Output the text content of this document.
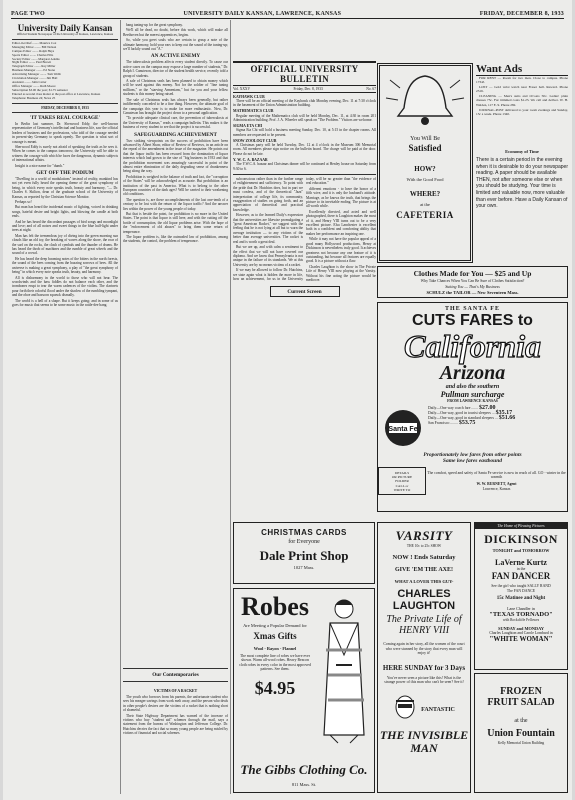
PAGE TWO	UNIVERSITY DAILY KANSAN, LAWRENCE, KANSAS	FRIDAY, DECEMBER 8, 1933
University Daily Kansan
Official Student Newspaper of the University of Kansas, Lawrence, Kansas
Editor-in-Chief ........ Maurice Cox
Managing Editor ........ Bill Nelson
Campus Editor ........ Ralph Hays
Sports Editor ........ Charles Ellis
Society Editor ........ Margaret Adams
Night Editor ........ Paul Brown
Telegraph Editor ........ Ray Miller
Business Manager ........ Ed Stone
Advertising Manager ........ Tom Webb
Circulation Manager ........ Jim Hall
Assistant ........ John Carter
Office Manager ........ Ruth Moore
Subscription $3.00 the year; $1.75 semester
Entered as second class matter at the post office at Lawrence, Kansas
Telephone: Business 24; News 25
FRIDAY, DECEMBER 8, 1933
'IT TAKES REAL COURAGE'

In Berlin last summer, Dr. Sherwood Eddy, the well-known representative of Germany's intellectual and business life, saw the official leaders of business and the professions, who told of the courage needed in present-day Germany to speak openly. The question is what sort of courage is meant.

Sherwood Eddy is surely not afraid of speaking the truth as he sees it. When he comes to the campus tomorrow, the University will be able to witness the courage with which he faces the dangerous, dynamic subjects of international affairs.

Insight is a nice name for "dumb."

GET OFF THE PODIUM

"Dwelling in a world of modulations" instead of reality, mankind has not yet even fully heard the opening theme of the great symphony of being, in which every note speaks truth, beauty and harmony, "— Dr. Charles S. Skilton, dean of the graduate school of the University of Kansas, as reported by the Christian Science Monitor.

Perhaps so!

But man has heard the incidental music of fighting, voiced in drinking songs, hateful desire and bright lights, and blowing the candle at both ends.

And he has heard the discordant passages of bird songs and moonlight and love; and of all noises and sweet things in the blue half-light under trees at night.

Man has felt the tremendous joy of diving into the green morning sun clouds like an old toy, the breaking of waves along the shore, the roar of the surf on the rocks, the clash of cymbals and the thunder of drums. He has heard the throb of machines and the rumble of great wheels and the sound of a crowd.

He has heard the deep booming notes of the bitters in the north forests, the sound of the bees coming from the buzzing sorrows of bees. All the universe is making a great symphony, a play of "the great symphony of being" in which every note speaks truth, beauty, and harmony.

All is disharmony in the world to those who will not hear. The woodwinds and the bass fiddles do not balance each other, and the trombones erupt to tear the warm cadences of the violins. The clarinets pour forth their colorful flood under the shadow of the rumbling tympani, and the oboe and bassoon squawk dismally.

The world is a hell of a shape. But it keeps going; and in some of us goes for music that seems to be some music in the rattle-dee bang.

bang tuning-up for the great symphony.

We'll all be dead, no doubt, before this work, which will make all Beethoven but the merest apprentices, begins.

So, while you greet souls who are certain to grasp a note of the ultimate harmony, hold your ears to keep out the sound of the tuning-up; we'll luckily sound out "A."

AN ACTIVE ENEMY

The tuberculosis problem affects every student directly. To cause our active cases on the campus may expose a large number of students," Dr. Ralph I. Canuteson, director of the student health service, recently told a group of students.

A sale of Christmas seals has been planned to obtain money which will be used against this enemy. Not for the soldier of "fine tuning millions," or the "starving Armenians," but for you and your fellow students is this money being raised.

The sale of Christmas seals has always been generally, but rather indifferently conceded to be a fine thing. However, the ultimate goal of the campaign this year is to make far more enthusiastic. Now, Dr. Canuteson has brought the project down to a personal application.

"To provide adequate clinical care, the prevention of tuberculosis at the University of Kansas," reads a campaign bulletin. This makes it the business of every student to see that the project is successful.

SAFEGUARDING ACHIEVEMENT

Two striking viewpoints on the success of prohibition have been advanced by Albert Shaw, editor of Review of Reviews, in an article on the repeal of the amendment in the issue of the magazine. He points out that the liquor traffic has been rescued from the domination of liquor interests which had grown to the size of "big business in 1933 and that the prohibition movement was amazingly successful in point of the almost entire elimination of the daily degrading sense of drunkenness being along the way.

Prohibition is weighed in the balance of truth and fact, the "corruption of the States" will be acknowledged as accurate. But prohibition is an institution of the past in America. What is to belong to the other European countries of the dark ages? Will be carried to their weakening old conditions.

The question is, are these accomplishments of the last one-tenth of a century to be lost with the return of the liquor traffic? And the answer lies within the power of the young people of today.

But that is beside the point, for prohibition is no more in the United States. The point is that liquor is still here, and with the cutting off the bottle of consumption, the old liquor problems arise. With the hope of the "enforcement of old abuses" to bring them some return of temperance.

The liquor problem is, like the outmoded law of prohibition, among the students, the control, the problem of temperance.

Our Contemporaries
VICTIMS OF A RACKET

The youth who borrows from his parents, the unfortunate student who sees his meager savings from work melt away, and the person who deals in other people's desires are the victims of a racket that is nothing short of shameful.

Their State Highway Department has warned of the increase of victims who buy "student aid" schemes through the mail, says a statement from the bureau of Washington and Jefferson College. Dr. Hutchins decries the fact that so many young people are being misled by victims of financial and social schemes.

OFFICIAL UNIVERSITY BULLETIN
Vol. XXXV	Friday, Dec. 8, 1933	No. 67
KAYHAWK CLUB

There will be an official meeting of the Kayhawk club Monday evening, Dec. 11 at 7:30 o'clock in the basement of the Union Administration building.

MATHEMATICS CLUB

Regular meeting of the Mathematics club will be held Monday, Dec. 11, at 4:30 in room 201 Administration building. Prof. J. A. Wheeler will speak on "The Problem." Visitors are welcome.

SIGMA ETA CHI

Sigma Eta Chi will hold a business meeting Sunday, Dec. 10, at 5:15 in the chapter rooms. All members are requested to be present.

SNOW ZOOLOGY CLUB

A Christmas party will be held Tuesday, Dec. 12 at 4 o'clock in the Museum 306 Memorial room. All members please sign notice on the bulletin board. The charge will be paid at the door. Please do not be late.

Y. W. C. A. BAZAAR

The Y.W.C.A. bazaar and Christmas dinner will be continued at Henley house on Saturday from 9:30 to 6.

subconscious rather than in the further range of enlightenment and sufficiency. To point with the pride that Dr. Hutchins does, but in part we must confess, and of the theoretical "Jazz" interpretation of college life, its community, exaggeration of studies on going forth, and an appreciation of theoretical and practical knowledge.

However, as to the learned Daily's expression that the universities are likewise promulgating a "great American Racket," we suggest with the feeling that he is not lying at all but to warn the average institution — to any victims of the better than average universities. The racket is real and is worth a great deal.

But we are up, and with calm a sentiment to the effect that we will not have covered our diploma. And we know that Pennsylvania is not unique in the failure of its standards. We at this University are by no means victims of a racket.

If we may be allowed to follow Dr. Hutchins, we state again what is hidden the more in life, how an achievement, for us in the University today, will be no greater than "the evidence of real education."

different emotions - to have the honor of a fifth wive, and it is only the husband's attitude. Marriage, as he knows the truth, that brings the picture to its inevitable ending. The picture is at all worth while.

Excellently directed, and acted and well photographed, there is Laughton makes the most of it, and Henry VIII turns out to be a very excellent picture. Elsa Lanchester is excellent both in a confident and comforting ability that makes her performance an inspiring one.

While it may not have the popular appeal of a good many Hollywood productions, Henry at Dickinson is nevertheless truly good. It achieves greatness not because any one feature of it is outstanding, but because all features are equally good. It is a picture without a flaw.

Charles Laughton is the show in The Private Life of Henry VIII now playing at the Varsity. Without his fine acting the picture would be mediocre.

Current Screen
You Will Be
Satisfied
HOW?
With the Good Food
WHERE?
at the
CAFETERIA
Want Ads

FOR RENT — Room for two men. Close to campus. Phone 1734J.

LOST — Gold wrist watch near Fraser hall. Reward. Phone 2316.

CLEANING — Men's suits and O'coats 50c. Ladies' plain dresses 75c. Fur trimmed coats $1.25. We call and deliver. W. H. Walden, 117 E. 9. Phone 282.

JOURNAL-POST delivered to your room evenings and Sunday, 15c a week. Phone 1340.

Economy of Time
There is a certain period in the evening when it is desirable to do your newspaper reading. A paper should be available THEN, not after someone else or when you should be studying. Your time is limited and valuable now, more valuable than ever before. Have a Daily Kansan of your own.
Clothes Made for You — $25 and Up
Why Take Chances When You Can Be Sure of Clothes Satisfaction?
Suiting You — That's My Business
SCHULZ the TAILOR — New Seventeen Mass.
THE SANTA FE
CUTS FARES to
California
Arizona
and also the southern
Pullman surcharge
FROM LAWRENCE KANSAS
Santa Fe
Daily—One way coach fare ....... $27.00
Daily—One way, good in tourist sleepers ... $35.17
Daily—One way, good in standard sleepers ... $51.66
San Francisco ........ $53.75
Proportionately low fares from other points
Same low fares eastbound
DETAILS
OR PICTURE
FOLDER
CALL or
WRITE TO
The comfort, speed and safety of Santa Fe service is now in reach of all. GO - winter in the warmth
W. W. BURNETT, Agent
Lawrence, Kansas
CHRISTMAS CARDS
for Everyone
Dale Print Shop
1027 Mass.
Robes
Are Meeting a Popular Demand for
Xmas Gifts
Wool - Rayon - Flannel
The most complete line of robes we have ever shown. Warm all-wool robes. Heavy Beacon cloth robes in every color in the most approved patterns. See them.
$4.95
The Gibbs Clothing Co.
811 Mass. St.
VARSITY
THE 10c to 25c SHOW
NOW ! Ends Saturday
GIVE 'EM THE AXE!
WHAT A LOVER THIS GUY-
CHARLES LAUGHTON
The Private Life of HENRY VIII
Coming again in her story, all the women of the court who were stunned by the story that every man will enjoy it!
HERE SUNDAY for 3 Days
You've never seen a picture like this! What is the strange power of this man who can't be seen? See it!
FANTASTIC
THE INVISIBLE MAN
The Home of Pleasing Pictures
DICKINSON
TONIGHT and TOMORROW
LaVerne Kurtz
in the
FAN DANCER
See the girl who taught SALLY RAND
The FAN DANCE
15c Matinee and Night
Lane Chandler in
"TEXAS TORNADO"
with Rockcliffe Fellowes
SUNDAY and MONDAY
Charles Laughton and Carole Lombard in
"WHITE WOMAN"
FROZEN FRUIT SALAD
at the
Union Fountain
Kelly Memorial Union Building
